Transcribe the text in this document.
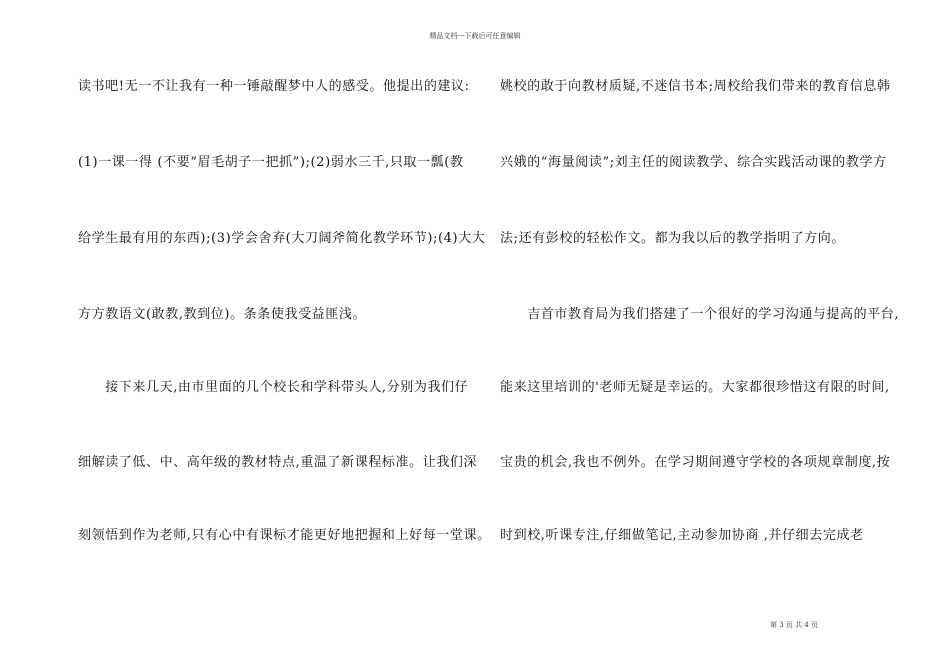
精品文档---下载后可任意编辑
读书吧!无一不让我有一种一锤敲醒梦中人的感受。他提出的建议:
(1)一课一得 (不要“眉毛胡子一把抓”);(2)弱水三千,只取一瓢(教
给学生最有用的东西);(3)学会舍弃(大刀阔斧简化教学环节);(4)大大
方方教语文(敢教,教到位)。条条使我受益匪浅。
　　接下来几天,由市里面的几个校长和学科带头人,分别为我们仔
细解读了低、中、高年级的教材特点,重温了新课程标准。让我们深
刻领悟到作为老师,只有心中有课标才能更好地把握和上好每一堂课。
姚校的敢于向教材质疑,不迷信书本;周校给我们带来的教育信息韩
兴娥的“海量阅读”;刘主任的阅读教学、综合实践活动课的教学方
法;还有彭校的轻松作文。都为我以后的教学指明了方向。
　　吉首市教育局为我们搭建了一个很好的学习沟通与提高的平台,
能来这里培训的'老师无疑是幸运的。大家都很珍惜这有限的时间,
宝贵的机会,我也不例外。在学习期间遵守学校的各项规章制度,按
时到校,听课专注,仔细做笔记,主动参加协商 ,并仔细去完成老
第 3 页 共 4 页
